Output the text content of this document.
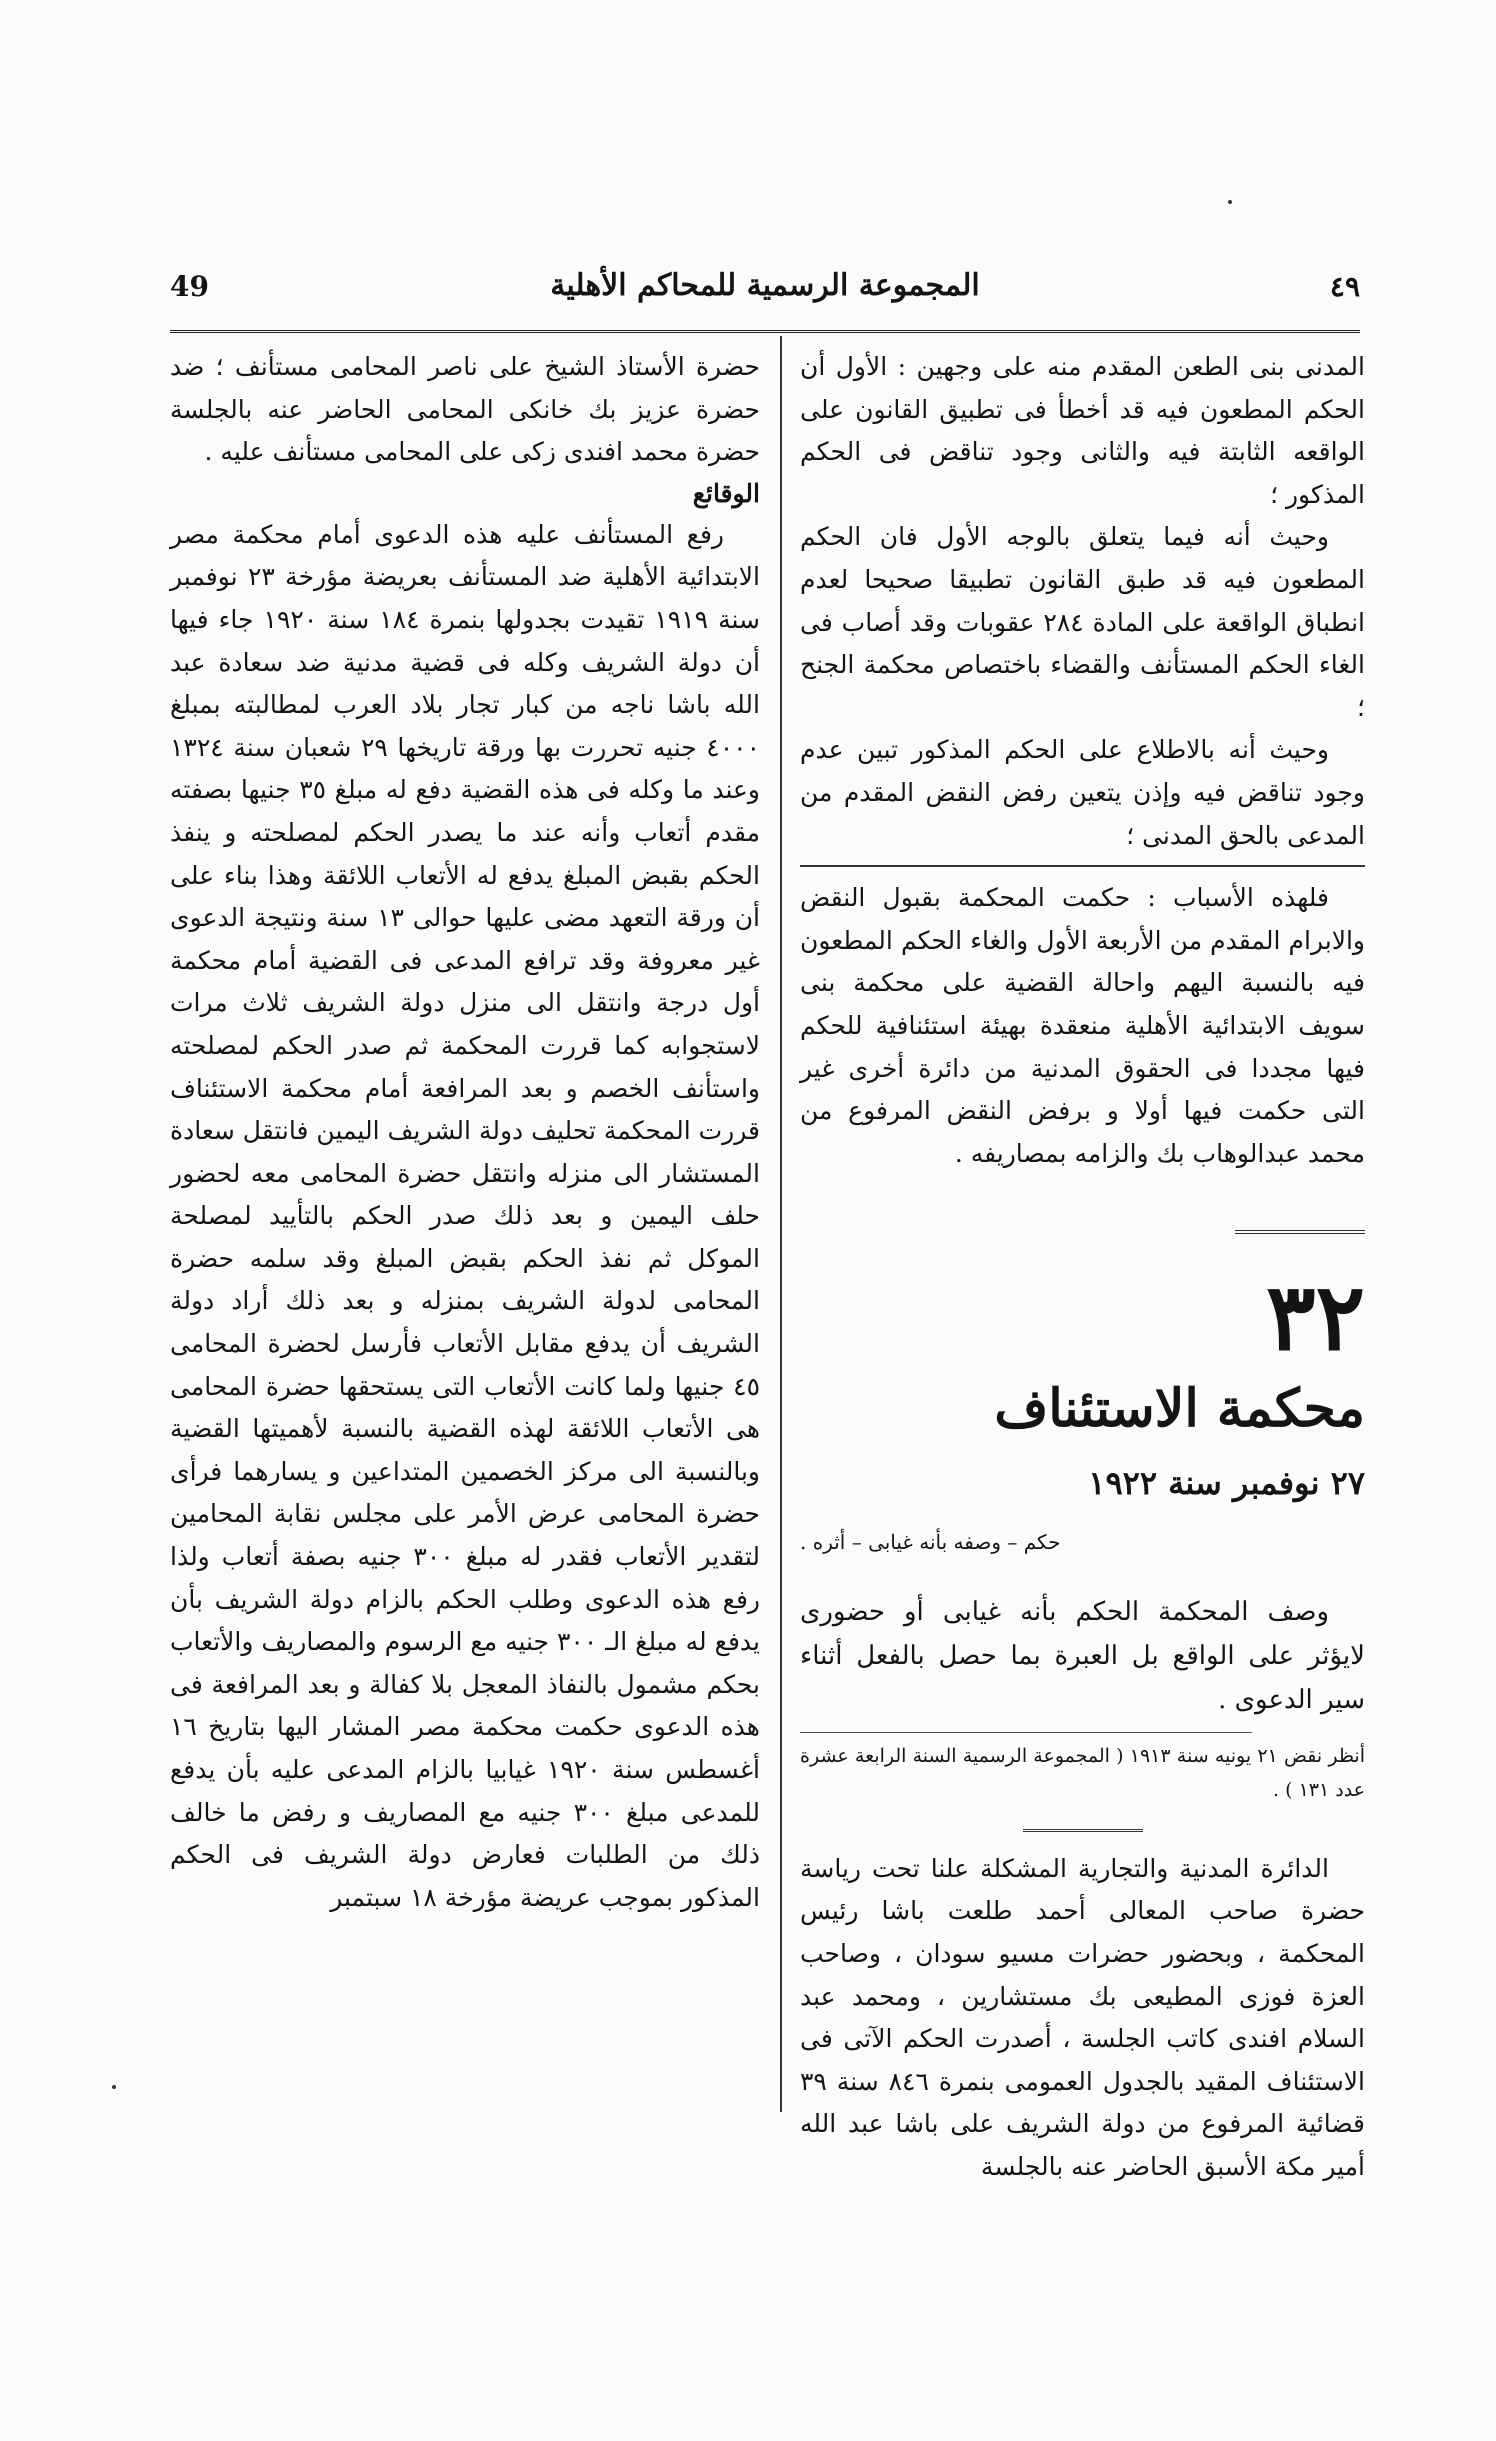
٤٩
المجموعة الرسمية للمحاكم الأهلية
49

المدنى بنى الطعن المقدم منه على وجهين : الأول أن الحكم المطعون فيه قد أخطأ فى تطبيق القانون على الواقعه الثابتة فيه والثانى وجود تناقض فى الحكم المذكور ؛

وحيث أنه فيما يتعلق بالوجه الأول فان الحكم المطعون فيه قد طبق القانون تطبيقا صحيحا لعدم انطباق الواقعة على المادة ٢٨٤ عقوبات وقد أصاب فى الغاء الحكم المستأنف والقضاء باختصاص محكمة الجنح ؛

وحيث أنه بالاطلاع على الحكم المذكور تبين عدم وجود تناقض فيه وإذن يتعين رفض النقض المقدم من المدعى بالحق المدنى ؛

فلهذه الأسباب : حكمت المحكمة بقبول النقض والابرام المقدم من الأربعة الأول والغاء الحكم المطعون فيه بالنسبة اليهم واحالة القضية على محكمة بنى سويف الابتدائية الأهلية منعقدة بهيئة استئنافية للحكم فيها مجددا فى الحقوق المدنية من دائرة أخرى غير التى حكمت فيها أولا و برفض النقض المرفوع من محمد عبدالوهاب بك والزامه بمصاريفه .

٣٢

محكمة الاستئناف

٢٧ نوفمبر سنة ١٩٢٢

حكم – وصفه بأنه غيابى – أثره .

وصف المحكمة الحكم بأنه غيابى أو حضورى لايؤثر على الواقع بل العبرة بما حصل بالفعل أثناء سير الدعوى .

أنظر نقض ٢١ يونيه سنة ١٩١٣ ( المجموعة الرسمية السنة الرابعة عشرة عدد ١٣١ ) .

الدائرة المدنية والتجارية المشكلة علنا تحت رياسة حضرة صاحب المعالى أحمد طلعت باشا رئيس المحكمة ، وبحضور حضرات مسيو سودان ، وصاحب العزة فوزى المطيعى بك مستشارين ، ومحمد عبد السلام افندى كاتب الجلسة ، أصدرت الحكم الآتى فى الاستئناف المقيد بالجدول العمومى بنمرة ٨٤٦ سنة ٣٩ قضائية المرفوع من دولة الشريف على باشا عبد الله أمير مكة الأسبق الحاضر عنه بالجلسة

حضرة الأستاذ الشيخ على ناصر المحامى مستأنف ؛ ضد حضرة عزيز بك خانكى المحامى الحاضر عنه بالجلسة حضرة محمد افندى زكى على المحامى مستأنف عليه .

الوقائع

رفع المستأنف عليه هذه الدعوى أمام محكمة مصر الابتدائية الأهلية ضد المستأنف بعريضة مؤرخة ٢٣ نوفمبر سنة ١٩١٩ تقيدت بجدولها بنمرة ١٨٤ سنة ١٩٢٠ جاء فيها أن دولة الشريف وكله فى قضية مدنية ضد سعادة عبد الله باشا ناجه من كبار تجار بلاد العرب لمطالبته بمبلغ ٤٠٠٠ جنيه تحررت بها ورقة تاريخها ٢٩ شعبان سنة ١٣٢٤ وعند ما وكله فى هذه القضية دفع له مبلغ ٣٥ جنيها بصفته مقدم أتعاب وأنه عند ما يصدر الحكم لمصلحته و ينفذ الحكم بقبض المبلغ يدفع له الأتعاب اللائقة وهذا بناء على أن ورقة التعهد مضى عليها حوالى ١٣ سنة ونتيجة الدعوى غير معروفة وقد ترافع المدعى فى القضية أمام محكمة أول درجة وانتقل الى منزل دولة الشريف ثلاث مرات لاستجوابه كما قررت المحكمة ثم صدر الحكم لمصلحته واستأنف الخصم و بعد المرافعة أمام محكمة الاستئناف قررت المحكمة تحليف دولة الشريف اليمين فانتقل سعادة المستشار الى منزله وانتقل حضرة المحامى معه لحضور حلف اليمين و بعد ذلك صدر الحكم بالتأييد لمصلحة الموكل ثم نفذ الحكم بقبض المبلغ وقد سلمه حضرة المحامى لدولة الشريف بمنزله و بعد ذلك أراد دولة الشريف أن يدفع مقابل الأتعاب فأرسل لحضرة المحامى ٤٥ جنيها ولما كانت الأتعاب التى يستحقها حضرة المحامى هى الأتعاب اللائقة لهذه القضية بالنسبة لأهميتها القضية وبالنسبة الى مركز الخصمين المتداعين و يسارهما فرأى حضرة المحامى عرض الأمر على مجلس نقابة المحامين لتقدير الأتعاب فقدر له مبلغ ٣٠٠ جنيه بصفة أتعاب ولذا رفع هذه الدعوى وطلب الحكم بالزام دولة الشريف بأن يدفع له مبلغ الـ ٣٠٠ جنيه مع الرسوم والمصاريف والأتعاب بحكم مشمول بالنفاذ المعجل بلا كفالة و بعد المرافعة فى هذه الدعوى حكمت محكمة مصر المشار اليها بتاريخ ١٦ أغسطس سنة ١٩٢٠ غيابيا بالزام المدعى عليه بأن يدفع للمدعى مبلغ ٣٠٠ جنيه مع المصاريف و رفض ما خالف ذلك من الطلبات فعارض دولة الشريف فى الحكم المذكور بموجب عريضة مؤرخة ١٨ سبتمبر
